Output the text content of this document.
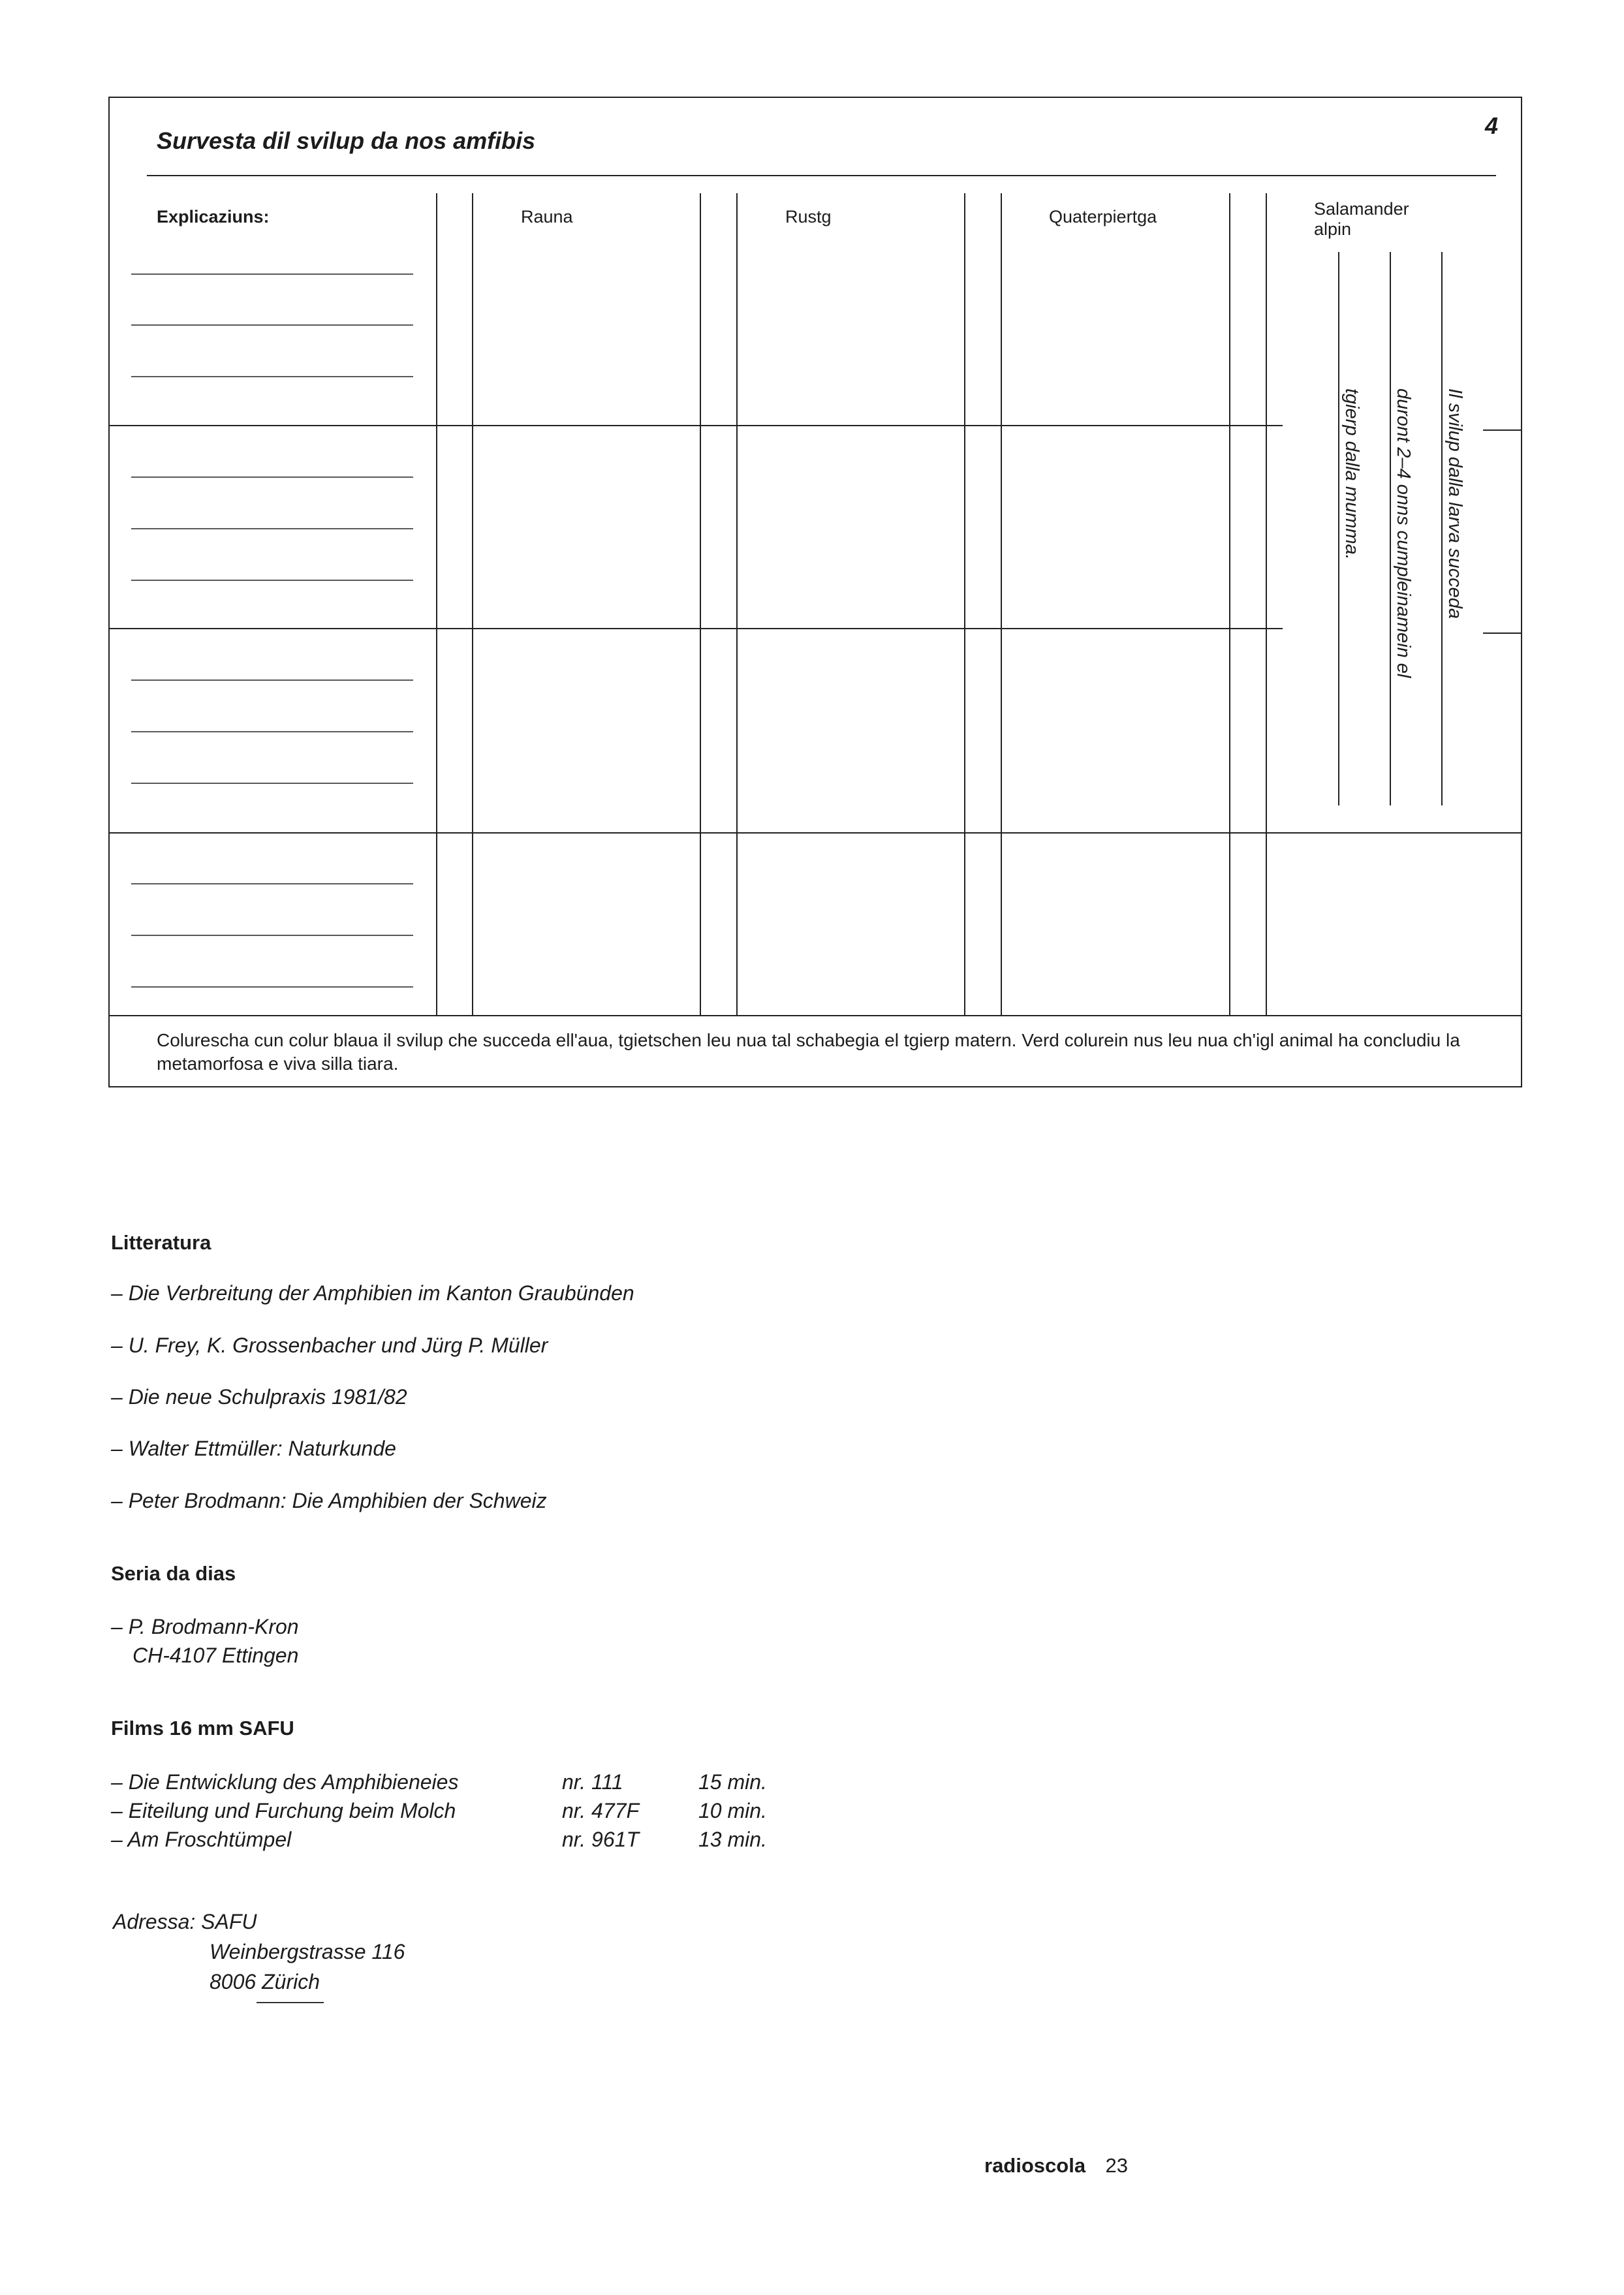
Survesta dil svilup da nos amfibis
4
Explicaziuns:	Rauna	Rustg	Quaterpiertga	Salamander
alpin
Il svilup dalla larva succeda
duront 2–4 onns cumpleinamein el
tgierp dalla mumma.
Colurescha cun colur blaua il svilup che succeda ell'aua, tgietschen leu nua tal schabegia el tgierp matern. Verd colurein nus leu nua ch'igl animal ha concludiu la metamorfosa e viva silla tiara.
Litteratura
– Die Verbreitung der Amphibien im Kanton Graubünden
– U. Frey, K. Grossenbacher und Jürg P. Müller
– Die neue Schulpraxis 1981/82
– Walter Ettmüller: Naturkunde
– Peter Brodmann: Die Amphibien der Schweiz
Seria da dias
– P. Brodmann-Kron
CH-4107 Ettingen
Films 16 mm SAFU
– Die Entwicklung des Amphibieneies	nr. 111	15 min.
– Eiteilung und Furchung beim Molch	nr. 477F	10 min.
– Am Froschtümpel	nr. 961T	13 min.
Adressa: SAFU
Weinbergstrasse 116
8006 Zürich
radioscola 23
